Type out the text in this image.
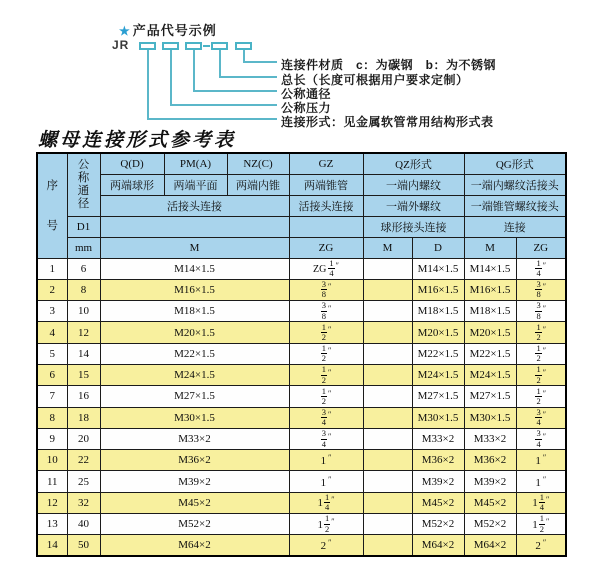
★ 产品代号示例
JR
连接件材质　c：为碳钢　b：为不锈钢
总长（长度可根据用户要求定制）
公称通径
公称压力
连接形式：见金属软管常用结构形式表
螺母连接形式参考表
序号	公称通径	Q(D)	PM(A)	NZ(C)	GZ	QZ形式		QG形式	
		两端球形	两端平面	两端内锥	两端锥管	一端内螺纹		一端内螺纹活接头	
		活接头连接			活接头连接	一端外螺纹		一端锥管螺纹接头	
	D1					球形接头连接		连接	
	mm	M			ZG	M	D	M	ZG
1	6	M14×1.5			ZG $\frac{1}{4} ''$		M14×1.5	M14×1.5	$\frac{1}{4} ''$
2	8	M16×1.5			$\frac{3}{8} ''$		M16×1.5	M16×1.5	$\frac{3}{8} ''$
3	10	M18×1.5			$\frac{3}{8} ''$		M18×1.5	M18×1.5	$\frac{3}{8} ''$
4	12	M20×1.5			$\frac{1}{2} ''$		M20×1.5	M20×1.5	$\frac{1}{2} ''$
5	14	M22×1.5			$\frac{1}{2} ''$		M22×1.5	M22×1.5	$\frac{1}{2} ''$
6	15	M24×1.5			$\frac{1}{2} ''$		M24×1.5	M24×1.5	$\frac{1}{2} ''$
7	16	M27×1.5			$\frac{1}{2} ''$		M27×1.5	M27×1.5	$\frac{1}{2} ''$
8	18	M30×1.5			$\frac{3}{4} ''$		M30×1.5	M30×1.5	$\frac{3}{4} ''$
9	20	M33×2			$\frac{3}{4} ''$		M33×2	M33×2	$\frac{3}{4} ''$
10	22	M36×2			1 ″		M36×2	M36×2	1 ″
11	25	M39×2			1 ″		M39×2	M39×2	1 ″
12	32	M45×2			$1 \frac{1}{4} ''$		M45×2	M45×2	$1 \frac{1}{4} ''$
13	40	M52×2			$1 \frac{1}{2} ''$		M52×2	M52×2	$1 \frac{1}{2} ''$
14	50	M64×2			2 ″		M64×2	M64×2	2 ″
